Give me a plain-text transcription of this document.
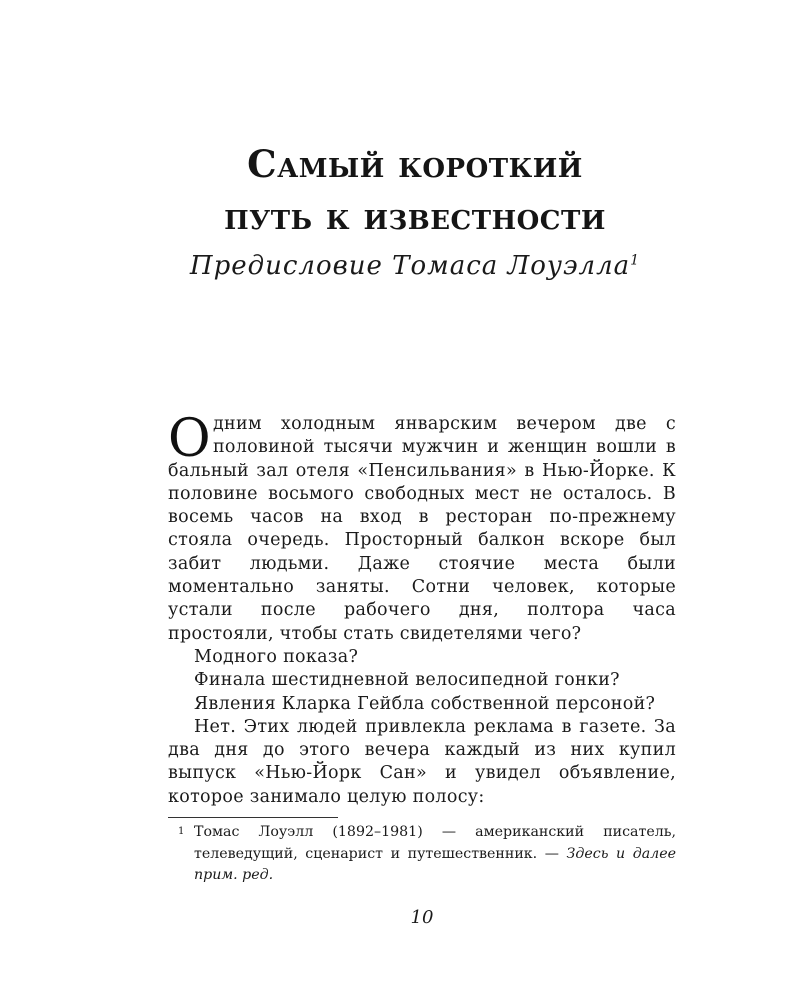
Самый короткий
путь к известности
Предисловие Томаса Лоуэлла$^1$

Одним холодным январским вечером две с половиной тысячи мужчин и женщин вошли в бальный зал отеля «Пенсильвания» в Нью-Йорке. К половине восьмого свободных мест не осталось. В восемь часов на вход в ресторан по-прежнему стояла очередь. Просторный балкон вскоре был забит людьми. Даже стоячие места были моментально заняты. Сотни человек, которые устали после рабочего дня, полтора часа простояли, чтобы стать свидетелями чего?

Модного показа?

Финала шестидневной велосипедной гонки?

Явления Кларка Гейбла собственной персоной?

Нет. Этих людей привлекла реклама в газете. За два дня до этого вечера каждый из них купил выпуск «Нью-Йорк Сан» и увидел объявление, которое занимало целую полосу:

1 Томас Лоуэлл (1892–1981) — американский писатель, телеведущий, сценарист и путешественник. — Здесь и далее прим. ред.
10
